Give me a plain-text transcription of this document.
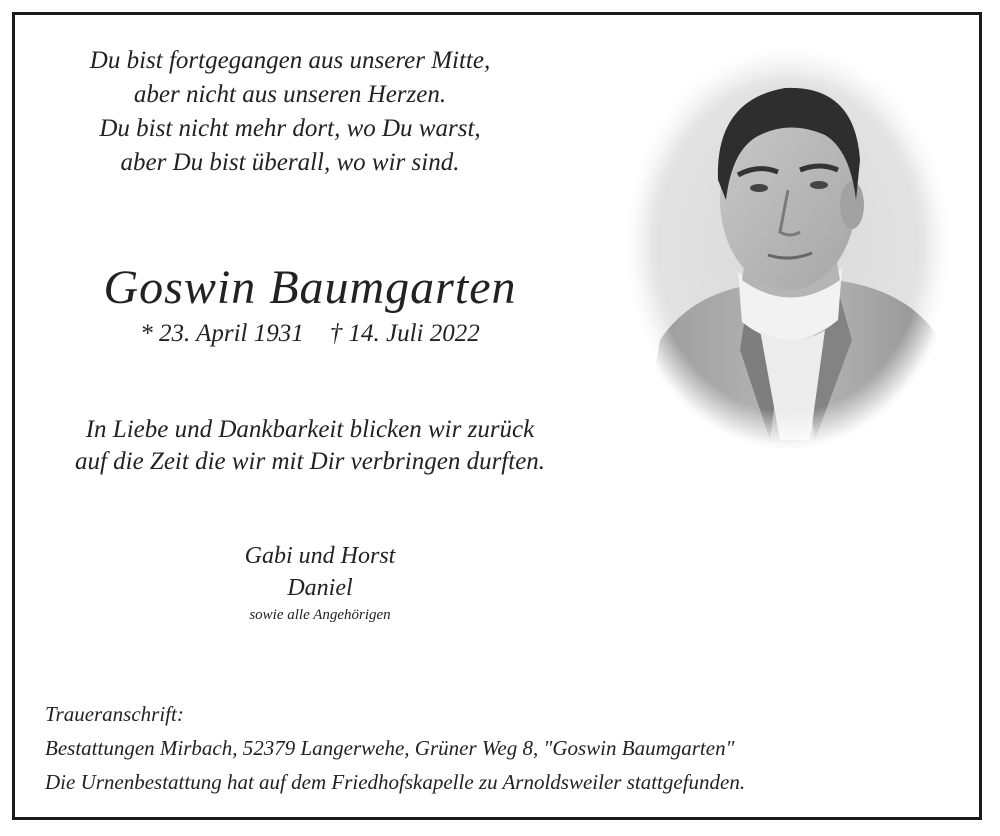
Du bist fortgegangen aus unserer Mitte,
aber nicht aus unseren Herzen.
Du bist nicht mehr dort, wo Du warst,
aber Du bist überall, wo wir sind.
Goswin Baumgarten
* 23. April 1931 † 14. Juli 2022
In Liebe und Dankbarkeit blicken wir zurück
auf die Zeit die wir mit Dir verbringen durften.
Gabi und Horst
Daniel
sowie alle Angehörigen
Traueranschrift:
Bestattungen Mirbach, 52379 Langerwehe, Grüner Weg 8, "Goswin Baumgarten"
Die Urnenbestattung hat auf dem Friedhofskapelle zu Arnoldsweiler stattgefunden.
